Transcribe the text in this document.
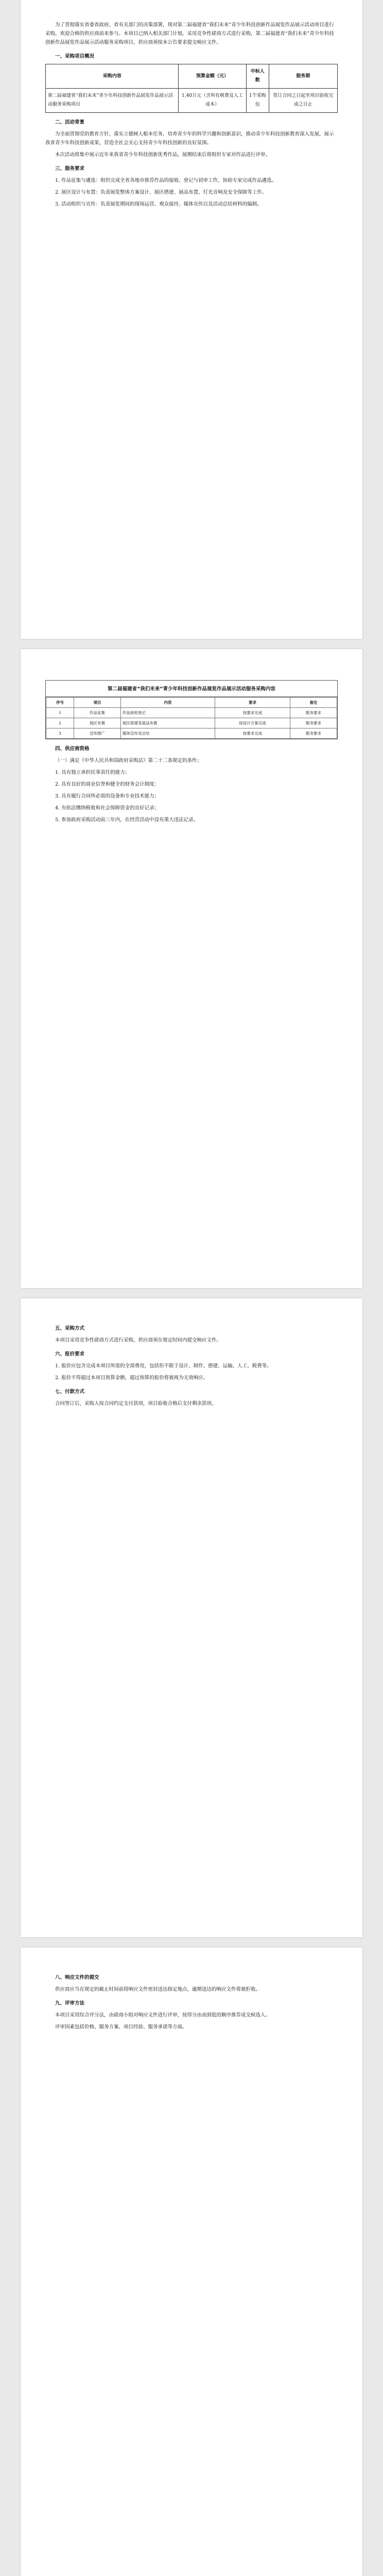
为了贯彻落实省委省政府、省有关部门的决策部署，现对第二届福建省“我们未来”青少年科技创新作品展览作品展示活动项目进行采购，欢迎合格的供应商前来参与。本项目已纳入相关部门计划，采用竞争性磋商方式进行采购，第二届福建省“我们未来”青少年科技创新作品展览作品展示活动服务采购项目，供应商须按本公告要求提交响应文件。

一、采购项目概况
采购内容	预算金额（元）	中标人数	服务期
第二届福建省“我们未来”青少年科技创新作品展览作品展示活动服务采购项目	1,40万元（含所有税费及人工成本）	1个采购包	签订合同之日起至项目验收完成之日止
二、活动背景

为全面贯彻党的教育方针，落实立德树人根本任务，培养青少年的科学兴趣和创新意识，推动青少年科技创新教育深入发展，展示我省青少年科技创新成果，营造全社会关心支持青少年科技创新的良好氛围。

本次活动将集中展示近年来我省青少年科技创新优秀作品，展期结束后将组织专家对作品进行评审。

三、服务要求

1. 作品征集与遴选：组织完成全省各地市推荐作品的接收、登记与初审工作，协助专家完成作品遴选。

2. 展区设计与布置：负责展览整体方案设计、展区搭建、展品布置、灯光音响及安全保障等工作。

3. 活动组织与宣传：负责展览期间的现场运营、观众接待、媒体宣传以及活动总结材料的编制。

第二届福建省“我们未来”青少年科技创新作品展览作品展示活动服务采购内容
序号	项目	内容	要求	备注
1	作品征集	作品接收登记	按要求完成	服务要求
2	展区布置	展区搭建及展品布置	按设计方案完成	服务要求
3	宣传推广	媒体宣传及总结	按要求完成	服务要求
四、供应商资格

（一）满足《中华人民共和国政府采购法》第二十二条规定的条件；

1. 具有独立承担民事责任的能力；

2. 具有良好的商业信誉和健全的财务会计制度；

3. 具有履行合同所必需的设备和专业技术能力；

4. 有依法缴纳税收和社会保障资金的良好记录；

5. 参加政府采购活动前三年内，在经营活动中没有重大违法记录。

五、采购方式

本项目采用竞争性磋商方式进行采购，供应商须在规定时间内提交响应文件。

六、报价要求

1. 报价应包含完成本项目所需的全部费用，包括但不限于设计、制作、搭建、运输、人工、税费等。

2. 报价不得超过本项目预算金额，超过预算的报价将被视为无效响应。

七、付款方式

合同签订后，采购人按合同约定支付款项，项目验收合格后支付剩余款项。

八、响应文件的提交

供应商应当在规定的截止时间前将响应文件密封送达指定地点，逾期送达的响应文件将被拒收。

九、评审方法

本项目采用综合评分法，由磋商小组对响应文件进行评审，按得分由高到低的顺序推荐成交候选人。

评审因素包括价格、服务方案、项目经验、服务承诺等方面。
